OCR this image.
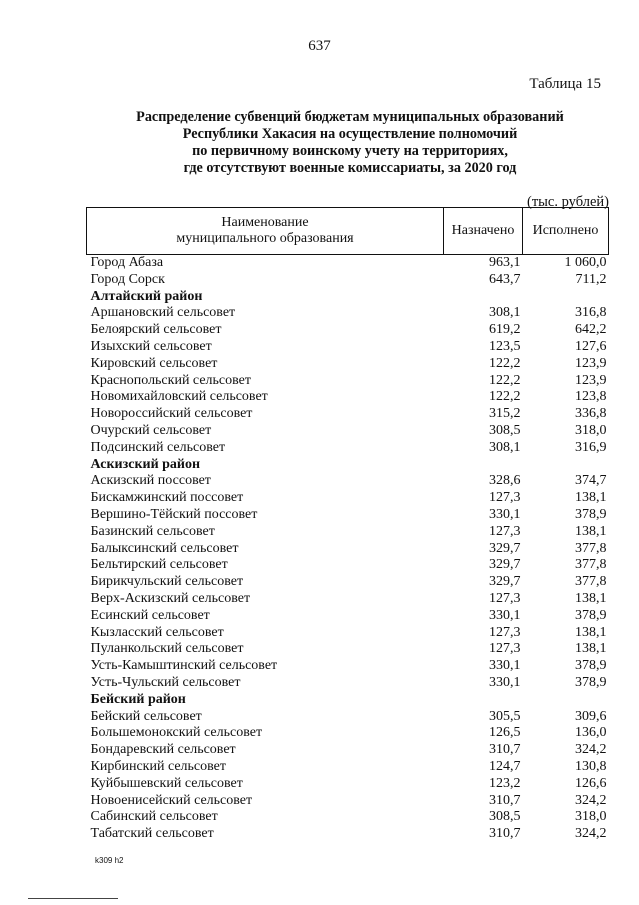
637
Таблица 15
Распределение субвенций бюджетам муниципальных образований
Республики Хакасия на осуществление полномочий
по первичному воинскому учету на территориях,
где отсутствуют военные комиссариаты, за 2020 год
(тыс. рублей)
Наименование
муниципального образования	Назначено	Исполнено
Город Абаза	963,1	1 060,0
Город Сорск	643,7	711,2
Алтайский район		
Аршановский сельсовет	308,1	316,8
Белоярский сельсовет	619,2	642,2
Изыхский сельсовет	123,5	127,6
Кировский сельсовет	122,2	123,9
Краснопольский сельсовет	122,2	123,9
Новомихайловский сельсовет	122,2	123,8
Новороссийский сельсовет	315,2	336,8
Очурский сельсовет	308,5	318,0
Подсинский сельсовет	308,1	316,9
Аскизский район		
Аскизский поссовет	328,6	374,7
Бискамжинский поссовет	127,3	138,1
Вершино-Тёйский поссовет	330,1	378,9
Базинский сельсовет	127,3	138,1
Балыксинский сельсовет	329,7	377,8
Бельтирский сельсовет	329,7	377,8
Бирикчульский сельсовет	329,7	377,8
Верх-Аскизский сельсовет	127,3	138,1
Есинский сельсовет	330,1	378,9
Кызласский сельсовет	127,3	138,1
Пуланкольский сельсовет	127,3	138,1
Усть-Камыштинский сельсовет	330,1	378,9
Усть-Чульский сельсовет	330,1	378,9
Бейский район		
Бейский сельсовет	305,5	309,6
Большемонокский сельсовет	126,5	136,0
Бондаревский сельсовет	310,7	324,2
Кирбинский сельсовет	124,7	130,8
Куйбышевский сельсовет	123,2	126,6
Новоенисейский сельсовет	310,7	324,2
Сабинский сельсовет	308,5	318,0
Табатский сельсовет	310,7	324,2
k309 h2
